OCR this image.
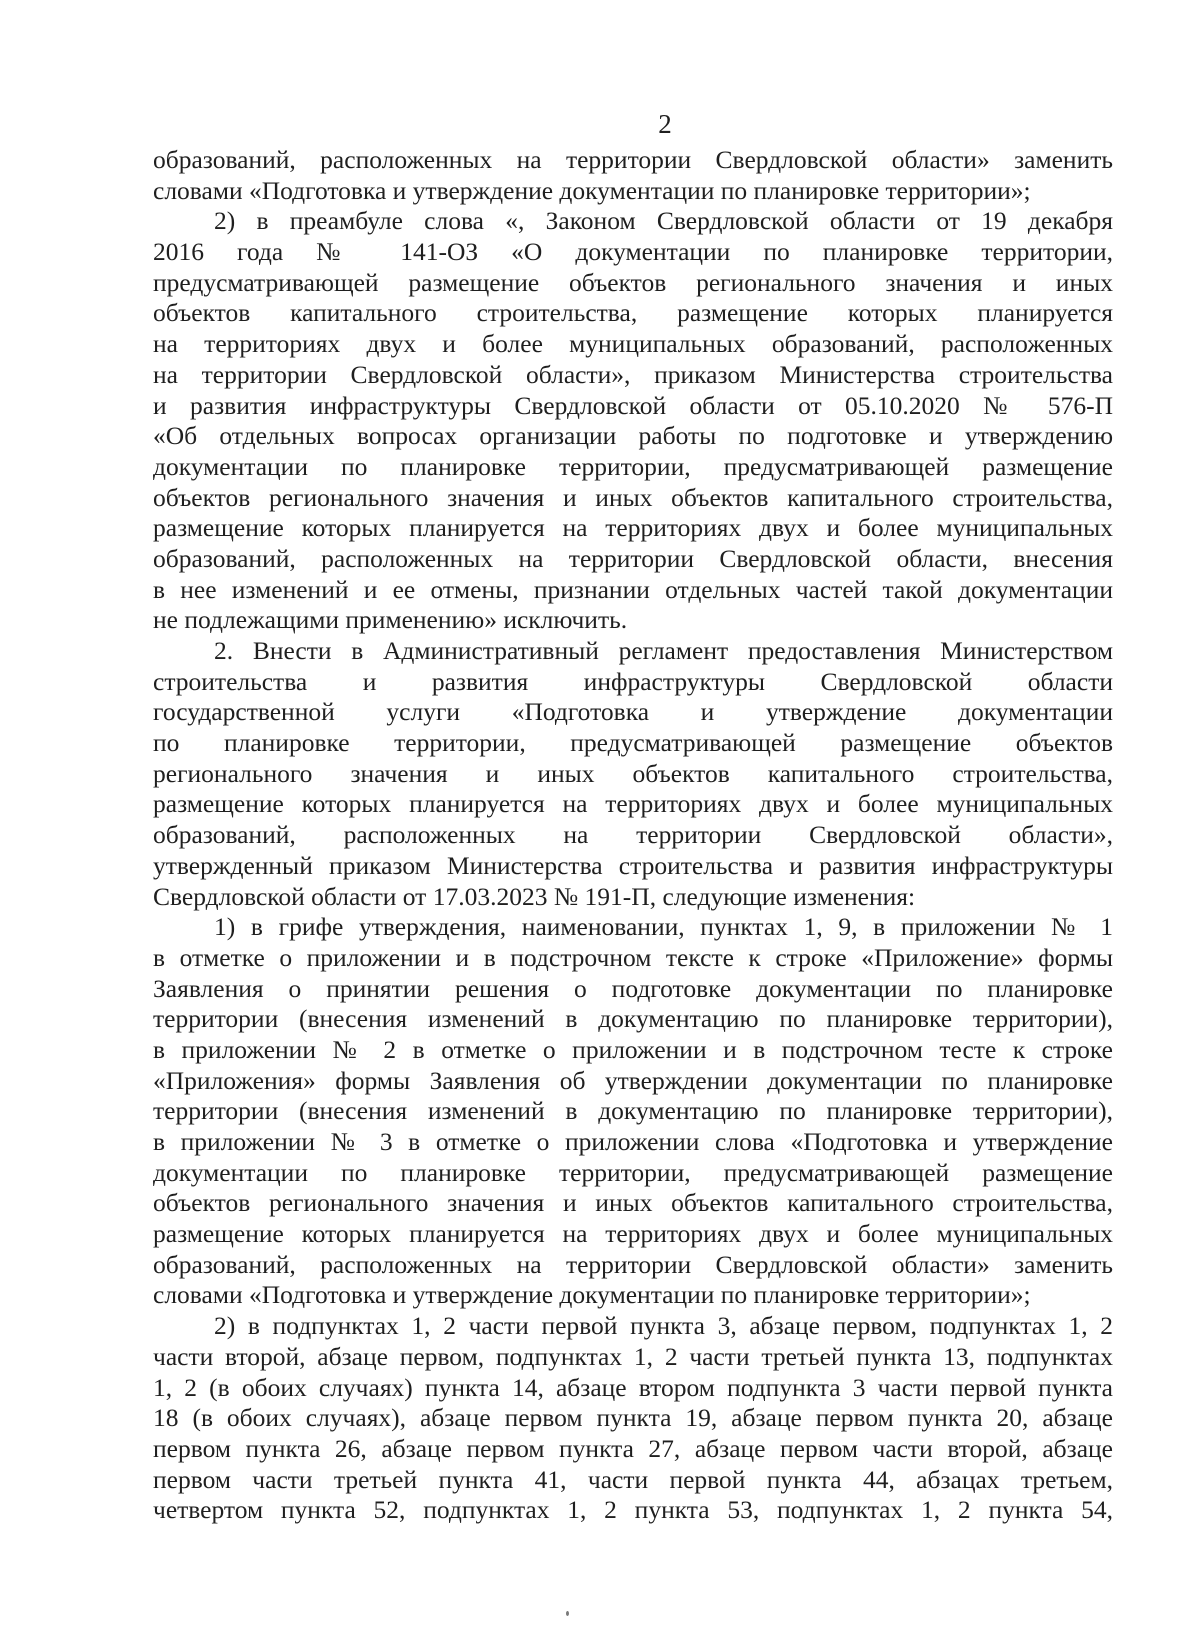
2
образований, расположенных на территории Свердловской области» заменить
словами «Подготовка и утверждение документации по планировке территории»;
2) в преамбуле слова «, Законом Свердловской области от 19 декабря
2016 года № 141-ОЗ «О документации по планировке территории,
предусматривающей размещение объектов регионального значения и иных
объектов капитального строительства, размещение которых планируется
на территориях двух и более муниципальных образований, расположенных
на территории Свердловской области», приказом Министерства строительства
и развития инфраструктуры Свердловской области от 05.10.2020 № 576-П
«Об отдельных вопросах организации работы по подготовке и утверждению
документации по планировке территории, предусматривающей размещение
объектов регионального значения и иных объектов капитального строительства,
размещение которых планируется на территориях двух и более муниципальных
образований, расположенных на территории Свердловской области, внесения
в нее изменений и ее отмены, признании отдельных частей такой документации
не подлежащими применению» исключить.
2. Внести в Административный регламент предоставления Министерством
строительства и развития инфраструктуры Свердловской области
государственной услуги «Подготовка и утверждение документации
по планировке территории, предусматривающей размещение объектов
регионального значения и иных объектов капитального строительства,
размещение которых планируется на территориях двух и более муниципальных
образований, расположенных на территории Свердловской области»,
утвержденный приказом Министерства строительства и развития инфраструктуры
Свердловской области от 17.03.2023 № 191-П, следующие изменения:
1) в грифе утверждения, наименовании, пунктах 1, 9, в приложении № 1
в отметке о приложении и в подстрочном тексте к строке «Приложение» формы
Заявления о принятии решения о подготовке документации по планировке
территории (внесения изменений в документацию по планировке территории),
в приложении № 2 в отметке о приложении и в подстрочном тесте к строке
«Приложения» формы Заявления об утверждении документации по планировке
территории (внесения изменений в документацию по планировке территории),
в приложении № 3 в отметке о приложении слова «Подготовка и утверждение
документации по планировке территории, предусматривающей размещение
объектов регионального значения и иных объектов капитального строительства,
размещение которых планируется на территориях двух и более муниципальных
образований, расположенных на территории Свердловской области» заменить
словами «Подготовка и утверждение документации по планировке территории»;
2) в подпунктах 1, 2 части первой пункта 3, абзаце первом, подпунктах 1, 2
части второй, абзаце первом, подпунктах 1, 2 части третьей пункта 13, подпунктах
1, 2 (в обоих случаях) пункта 14, абзаце втором подпункта 3 части первой пункта
18 (в обоих случаях), абзаце первом пункта 19, абзаце первом пункта 20, абзаце
первом пункта 26, абзаце первом пункта 27, абзаце первом части второй, абзаце
первом части третьей пункта 41, части первой пункта 44, абзацах третьем,
четвертом пункта 52, подпунктах 1, 2 пункта 53, подпунктах 1, 2 пункта 54,
